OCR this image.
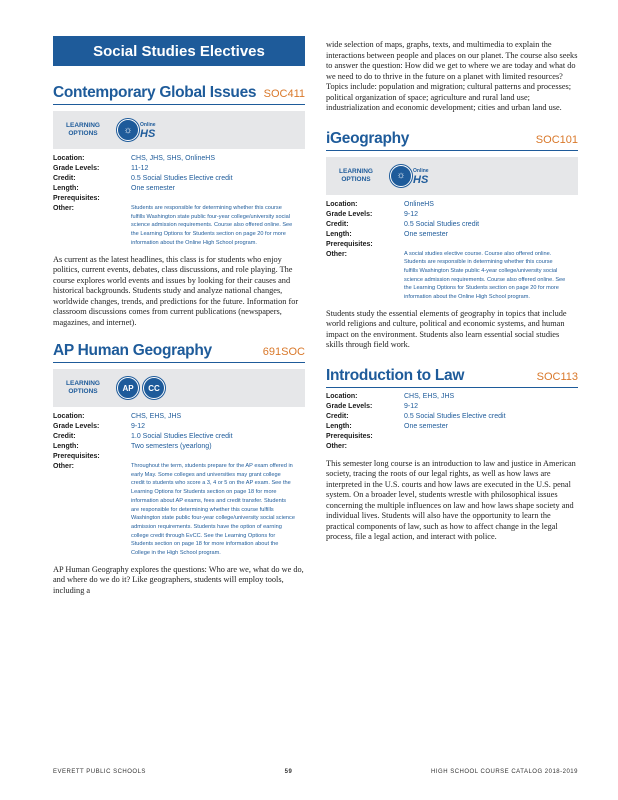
Social Studies Electives
Contemporary Global Issues SOC411
LEARNING
OPTIONS	☼	Online
HS
Location:	CHS, JHS, SHS, OnlineHS
Grade Levels:	11-12
Credit:	0.5 Social Studies Elective credit
Length:	One semester
Prerequisites:
Other:	Students are responsible for determining whether this course fulfills Washington state public four-year college/university social science admission requirements. Course also offered online. See the Learning Options for Students section on page 20 for more information about the Online High School program.

As current as the latest headlines, this class is for students who enjoy politics, current events, debates, class discussions, and role playing. The course explores world events and issues by looking for their causes and historical backgrounds. Students study and analyze national changes, worldwide changes, trends, and predictions for the future. Information for classroom discussions comes from current publications (newspapers, magazines, and internet).

AP Human Geography	691SOC
LEARNING
OPTIONS	AP	CC
Location:	CHS, EHS, JHS
Grade Levels:	9-12
Credit:	1.0 Social Studies Elective credit
Length:	Two semesters (yearlong)
Prerequisites:
Other:	Throughout the term, students prepare for the AP exam offered in early May. Some colleges and universities may grant college credit to students who score a 3, 4 or 5 on the AP exam. See the Learning Options for Students section on page 18 for more information about AP exams, fees and credit transfer. Students are responsible for determining whether this course fulfills Washington state public four-year college/university social science admission requirements. Students have the option of earning college credit through EvCC. See the Learning Options for Students section on page 18 for more information about the College in the High School program.

AP Human Geography explores the questions: Who are we, what do we do, and where do we do it? Like geographers, students will employ tools, including a

wide selection of maps, graphs, texts, and multimedia to explain the interactions between people and places on our planet. The course also seeks to answer the question: How did we get to where we are today and what do we need to do to thrive in the future on a planet with limited resources? Topics include: population and migration; cultural patterns and processes; political organization of space; agriculture and rural land use; industrialization and economic development; cities and urban land use.

iGeography	SOC101
LEARNING
OPTIONS	☼	Online
HS
Location:	OnlineHS
Grade Levels:	9-12
Credit:	0.5 Social Studies credit
Length:	One semester
Prerequisites:
Other:	A social studies elective course. Course also offered online. Students are responsible in determining whether this course fulfills Washington State public 4-year college/university social science admission requirements. Course also offered online. See the Learning Options for Students section on page 20 for more information about the Online High School program.

Students study the essential elements of geography in topics that include world religions and culture, political and economic systems, and human impact on the environment. Students also learn essential social studies skills through field work.

Introduction to Law	SOC113
Location:	CHS, EHS, JHS
Grade Levels:	9-12
Credit:	0.5 Social Studies Elective credit
Length:	One semester
Prerequisites:
Other:

This semester long course is an introduction to law and justice in American society, tracing the roots of our legal rights, as well as how laws are interpreted in the U.S. courts and how laws are executed in the U.S. penal system. On a broader level, students wrestle with philosophical issues concerning the multiple influences on law and how laws shape society and individual lives. Students will also have the opportunity to learn the practical components of law, such as how to affect change in the legal process, file a legal action, and interact with police.

EVERETT PUBLIC SCHOOLS	59	HIGH SCHOOL COURSE CATALOG 2018-2019
